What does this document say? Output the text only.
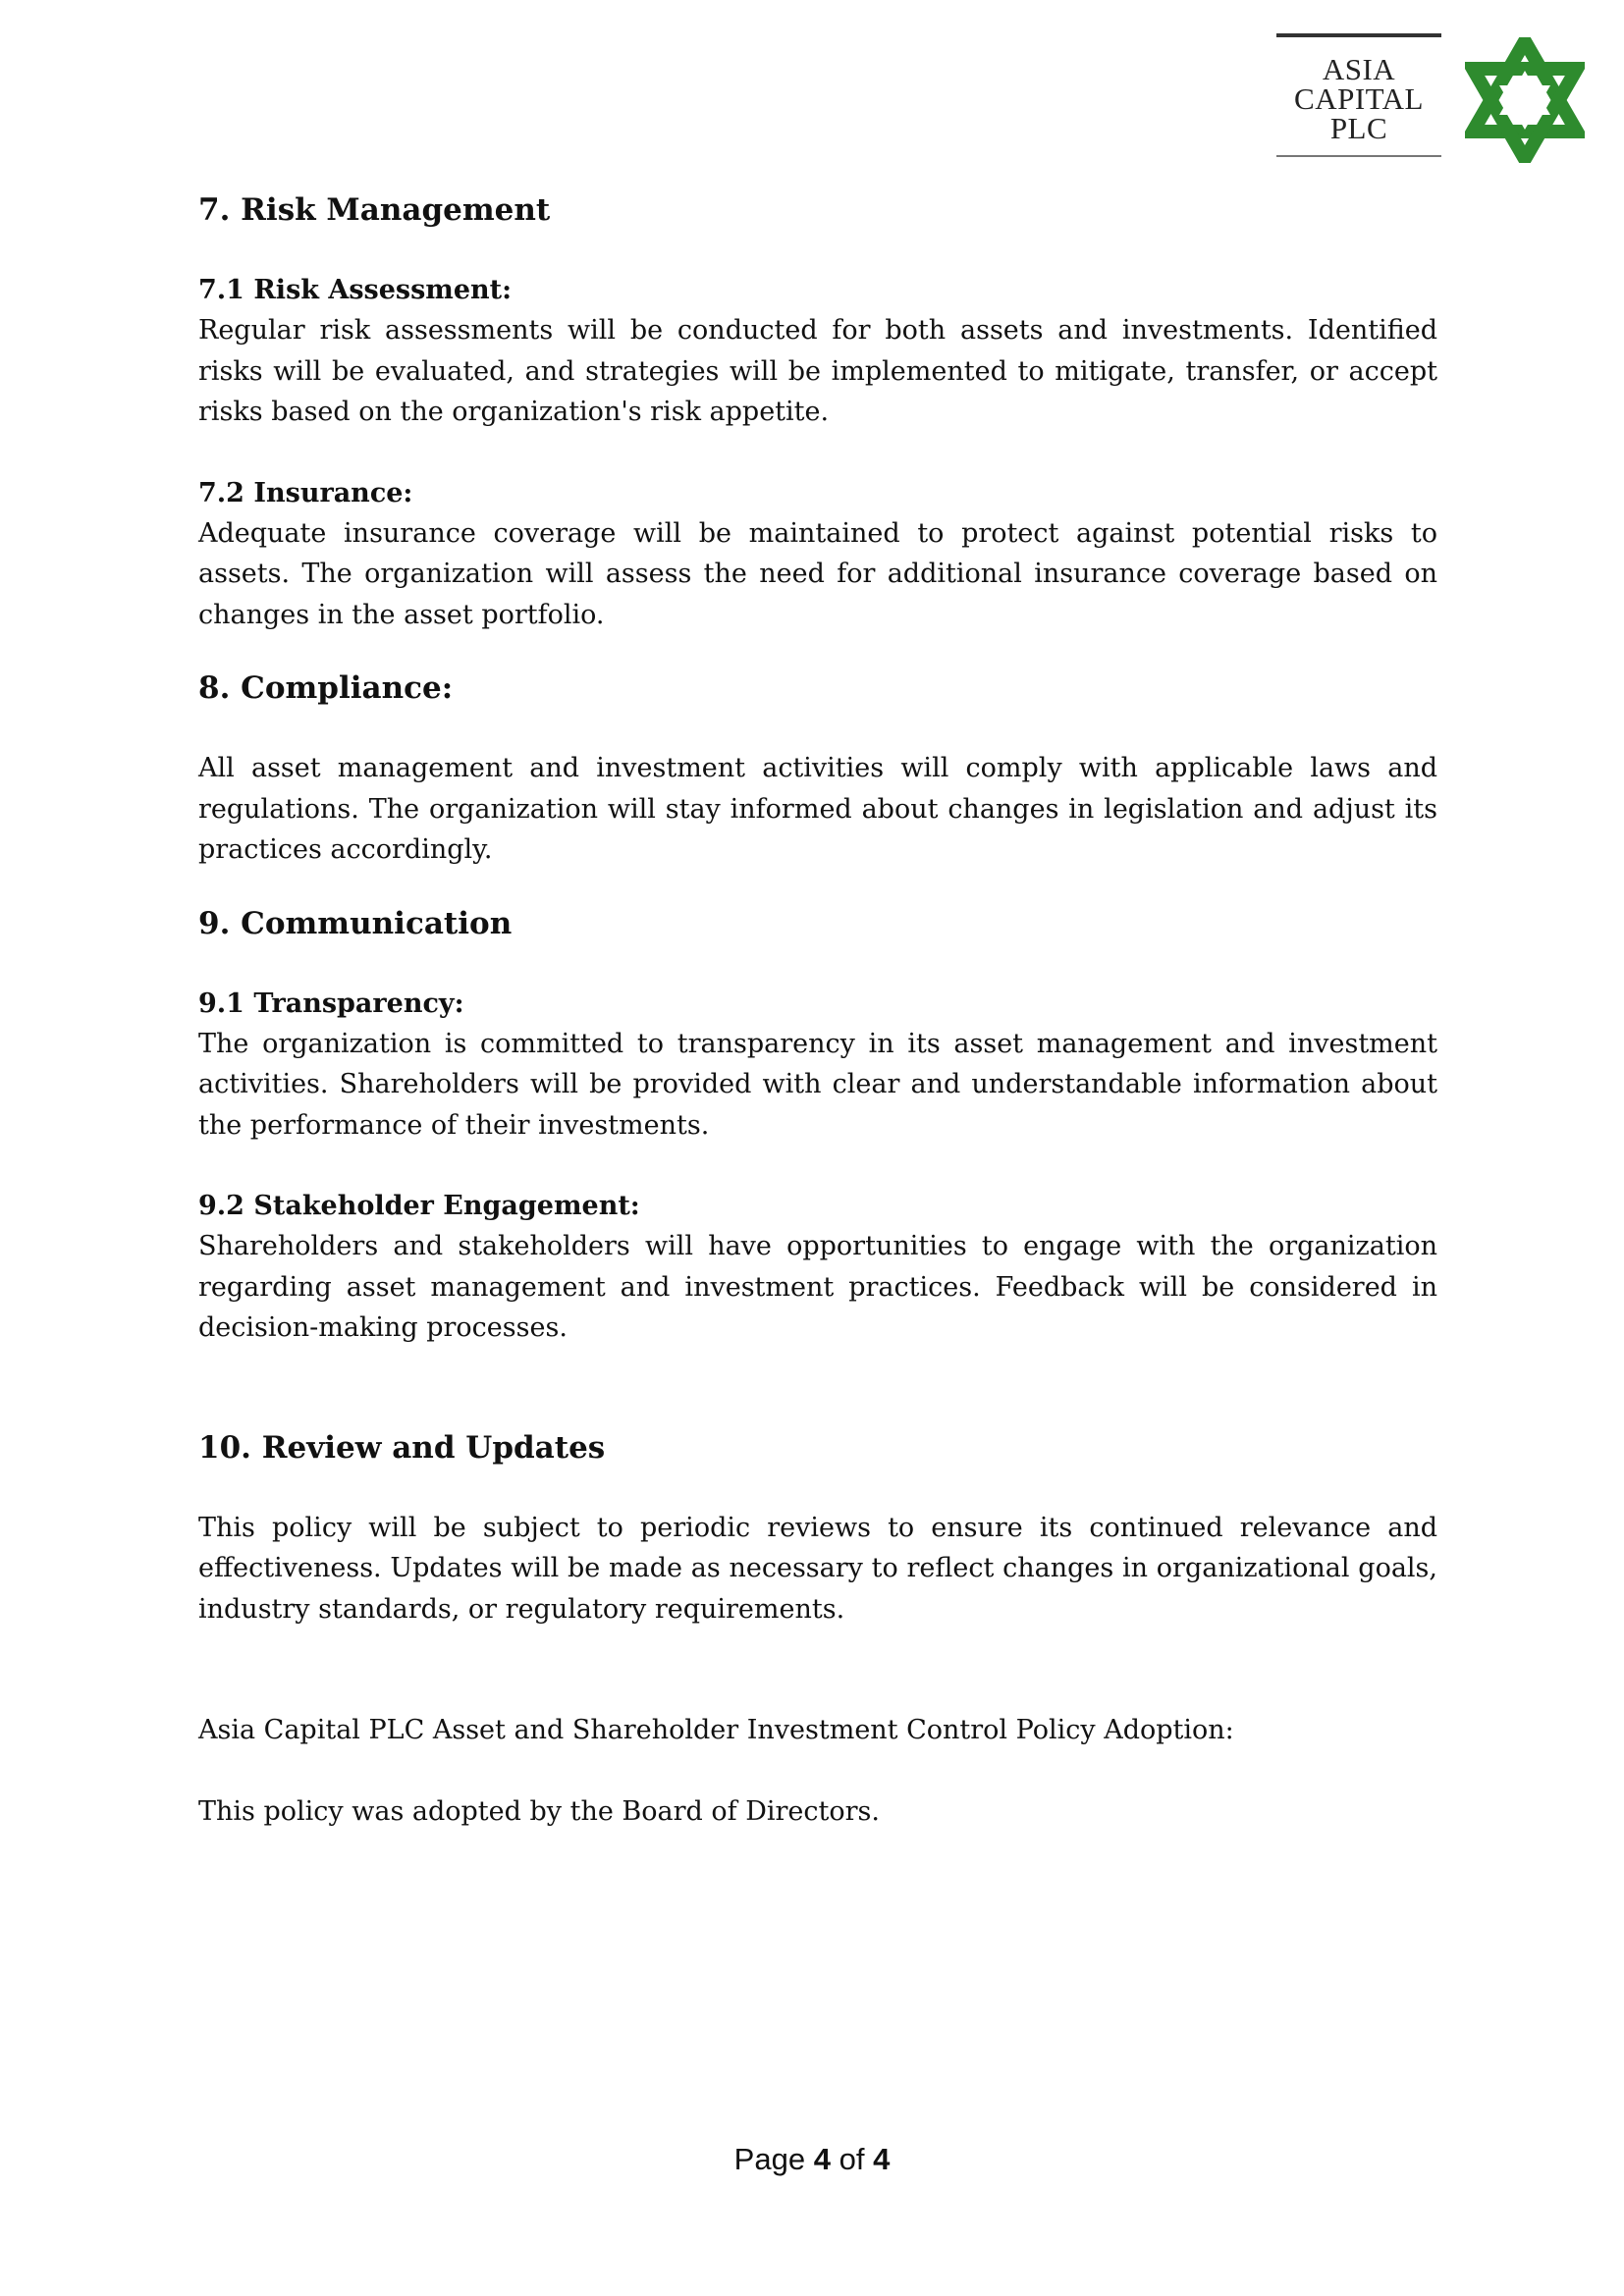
ASIA
CAPITAL
PLC
7. Risk Management
7.1 Risk Assessment:

Regular risk assessments will be conducted for both assets and investments. Identified risks will be evaluated, and strategies will be implemented to mitigate, transfer, or accept risks based on the organization's risk appetite.

7.2 Insurance:

Adequate insurance coverage will be maintained to protect against potential risks to assets. The organization will assess the need for additional insurance coverage based on changes in the asset portfolio.

8. Compliance:

All asset management and investment activities will comply with applicable laws and regulations. The organization will stay informed about changes in legislation and adjust its practices accordingly.

9. Communication
9.1 Transparency:

The organization is committed to transparency in its asset management and investment activities. Shareholders will be provided with clear and understandable information about the performance of their investments.

9.2 Stakeholder Engagement:

Shareholders and stakeholders will have opportunities to engage with the organization regarding asset management and investment practices. Feedback will be considered in decision-making processes.

10. Review and Updates

This policy will be subject to periodic reviews to ensure its continued relevance and effectiveness. Updates will be made as necessary to reflect changes in organizational goals, industry standards, or regulatory requirements.

Asia Capital PLC Asset and Shareholder Investment Control Policy Adoption:

This policy was adopted by the Board of Directors.

Page 4 of 4
